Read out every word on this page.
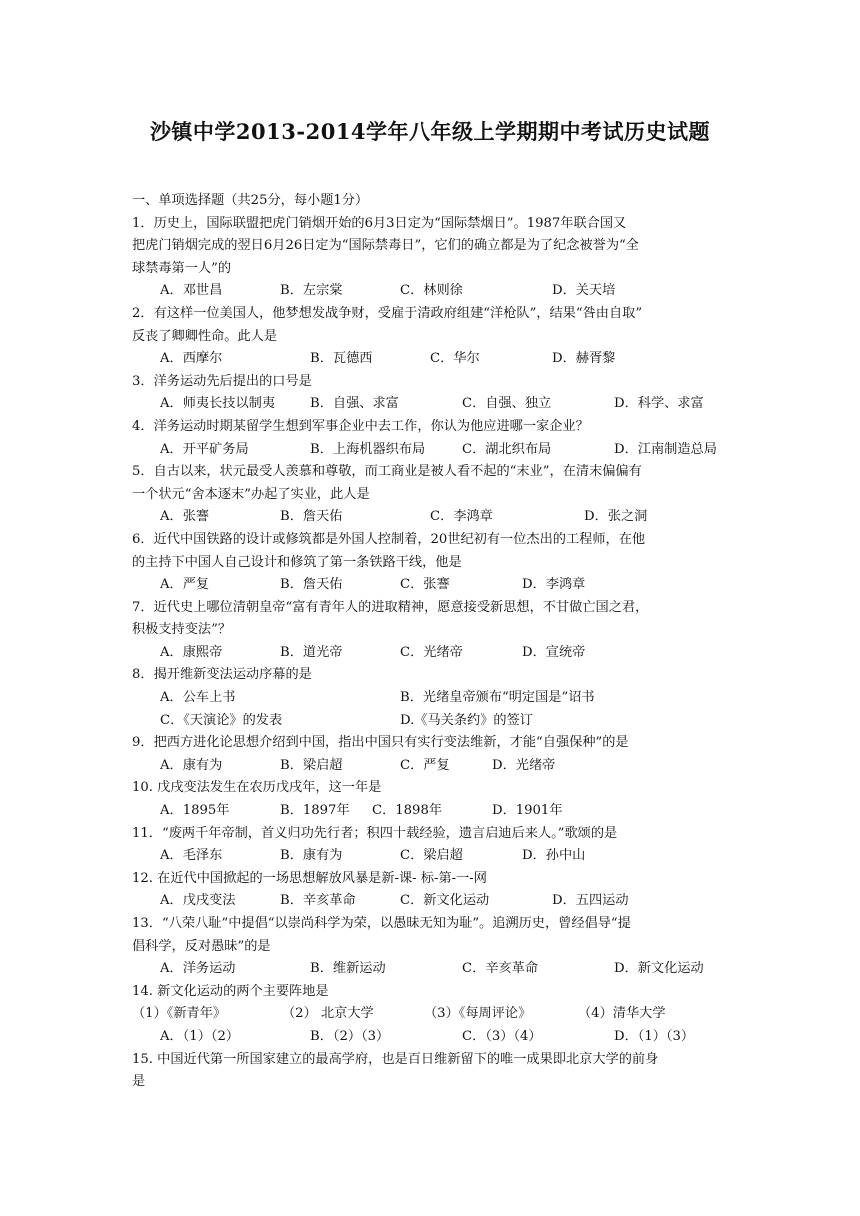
沙镇中学2013-2014学年八年级上学期期中考试历史试题
一、单项选择题（共25分，每小题1分）
1．历史上，国际联盟把虎门销烟开始的6月3日定为“国际禁烟日”。1987年联合国又
把虎门销烟完成的翌日6月26日定为“国际禁毒日”，它们的确立都是为了纪念被誉为“全
球禁毒第一人”的
A．邓世昌	B．左宗棠	C．林则徐	D．关天培
2．有这样一位美国人，他梦想发战争财，受雇于清政府组建“洋枪队”，结果“咎由自取”
反丧了卿卿性命。此人是
A．西摩尔	B．瓦德西	C．华尔	D．赫胥黎
3．洋务运动先后提出的口号是
A．师夷长技以制夷	B．自强、求富	C．自强、独立	D．科学、求富
4．洋务运动时期某留学生想到军事企业中去工作，你认为他应进哪一家企业？
A．开平矿务局	B．上海机器织布局	C．湖北织布局	D．江南制造总局
5．自古以来，状元最受人羡慕和尊敬，而工商业是被人看不起的“末业”，在清末偏偏有
一个状元“舍本逐末”办起了实业，此人是
A．张謇	B．詹天佑	C．李鸿章	D．张之洞
6．近代中国铁路的设计或修筑都是外国人控制着，20世纪初有一位杰出的工程师，在他
的主持下中国人自己设计和修筑了第一条铁路干线，他是
A．严复	B．詹天佑	C．张謇	D．李鸿章
7．近代史上哪位清朝皇帝“富有青年人的进取精神，愿意接受新思想，不甘做亡国之君，
积极支持变法”？
A．康熙帝	B．道光帝	C．光绪帝	D．宣统帝
8．揭开维新变法运动序幕的是
A．公车上书	B．光绪皇帝颁布“明定国是”诏书
C．《天演论》的发表	D.《马关条约》的签订
9．把西方进化论思想介绍到中国，指出中国只有实行变法维新，才能“自强保种”的是
A．康有为	B．梁启超	C．严复	D．光绪帝
10. 戊戌变法发生在农历戊戌年，这一年是
A．1895年	B．1897年 C．1898年	D．1901年
11．“废两千年帝制，首义归功先行者；积四十载经验，遗言启迪后来人。”歌颂的是
A．毛泽东	B．康有为	C．梁启超	D．孙中山
12. 在近代中国掀起的一场思想解放风暴是新-课- 标-第-一-网
A．戊戌变法	B．辛亥革命	C．新文化运动	D．五四运动
13．“八荣八耻”中提倡“以崇尚科学为荣，以愚昧无知为耻”。追溯历史，曾经倡导“提
倡科学，反对愚昧”的是
A．洋务运动	B．维新运动	C．辛亥革命	D．新文化运动
14. 新文化运动的两个主要阵地是
（1）《新青年》	（2） 北京大学	（3）《每周评论》	（4）清华大学
A．（1）（2）	B．（2）（3）	C．（3）（4）	D．（1）（3）
15. 中国近代第一所国家建立的最高学府，也是百日维新留下的唯一成果即北京大学的前身
是
